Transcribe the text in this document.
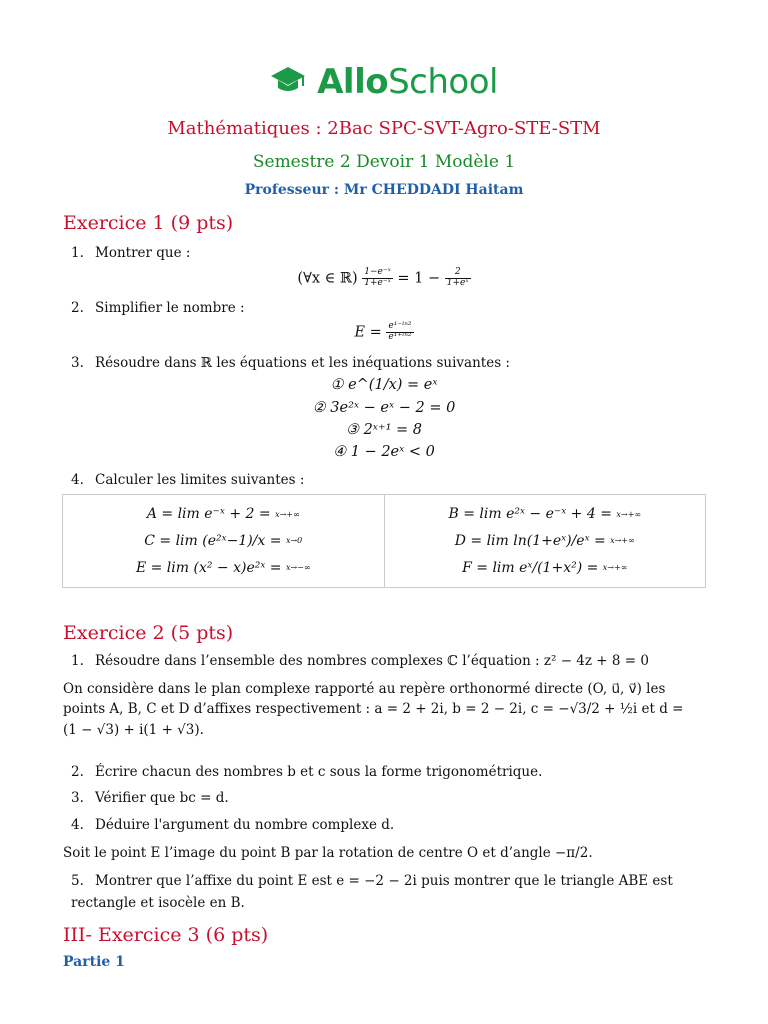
AlloSchool
Mathématiques : 2Bac SPC-SVT-Agro-STE-STM
Semestre 2 Devoir 1 Modèle 1
Professeur : Mr CHEDDADI Haitam
Exercice 1 (9 pts)
1. Montrer que :
(∀x ∈ ℝ) $\frac{\text{1−e⁻ˣ}}{\text{1+e⁻ˣ}} = 1 - \frac{2}{\text{1+eˣ}}$
2. Simplifier le nombre :
$E = \frac{\text{e¹⁻ˡⁿ²}}{\text{e¹⁺ˡⁿ²}}$
3. Résoudre dans ℝ les équations et les inéquations suivantes :
① e^(1/x) = eˣ
② 3e²ˣ − eˣ − 2 = 0
③ 2ˣ⁺¹ = 8
④ 1 − 2eˣ < 0
4. Calculer les limites suivantes :
A = lim e⁻ˣ + 2 = x→+∞
C = lim (e²ˣ−1)/x = x→0
E = lim (x² − x)e²ˣ = x→−∞
B = lim e²ˣ − e⁻ˣ + 4 = x→+∞
D = lim ln(1+eˣ)/eˣ = x→+∞
F = lim eˣ/(1+x²) = x→+∞
Exercice 2 (5 pts)
1. Résoudre dans l’ensemble des nombres complexes ℂ l’équation : z² − 4z + 8 = 0
On considère dans le plan complexe rapporté au repère orthonormé directe (O, u⃗, v⃗) les points A, B, C et D d’affixes respectivement : a = 2 + 2i, b = 2 − 2i, c = −√3/2 + ½i et d = (1 − √3) + i(1 + √3).
2. Écrire chacun des nombres b et c sous la forme trigonométrique.
3. Vérifier que bc = d.
4. Déduire l'argument du nombre complexe d.
Soit le point E l’image du point B par la rotation de centre O et d’angle −π/2.
5. Montrer que l’affixe du point E est e = −2 − 2i puis montrer que le triangle ABE est rectangle et isocèle en B.
III- Exercice 3 (6 pts)
Partie 1
